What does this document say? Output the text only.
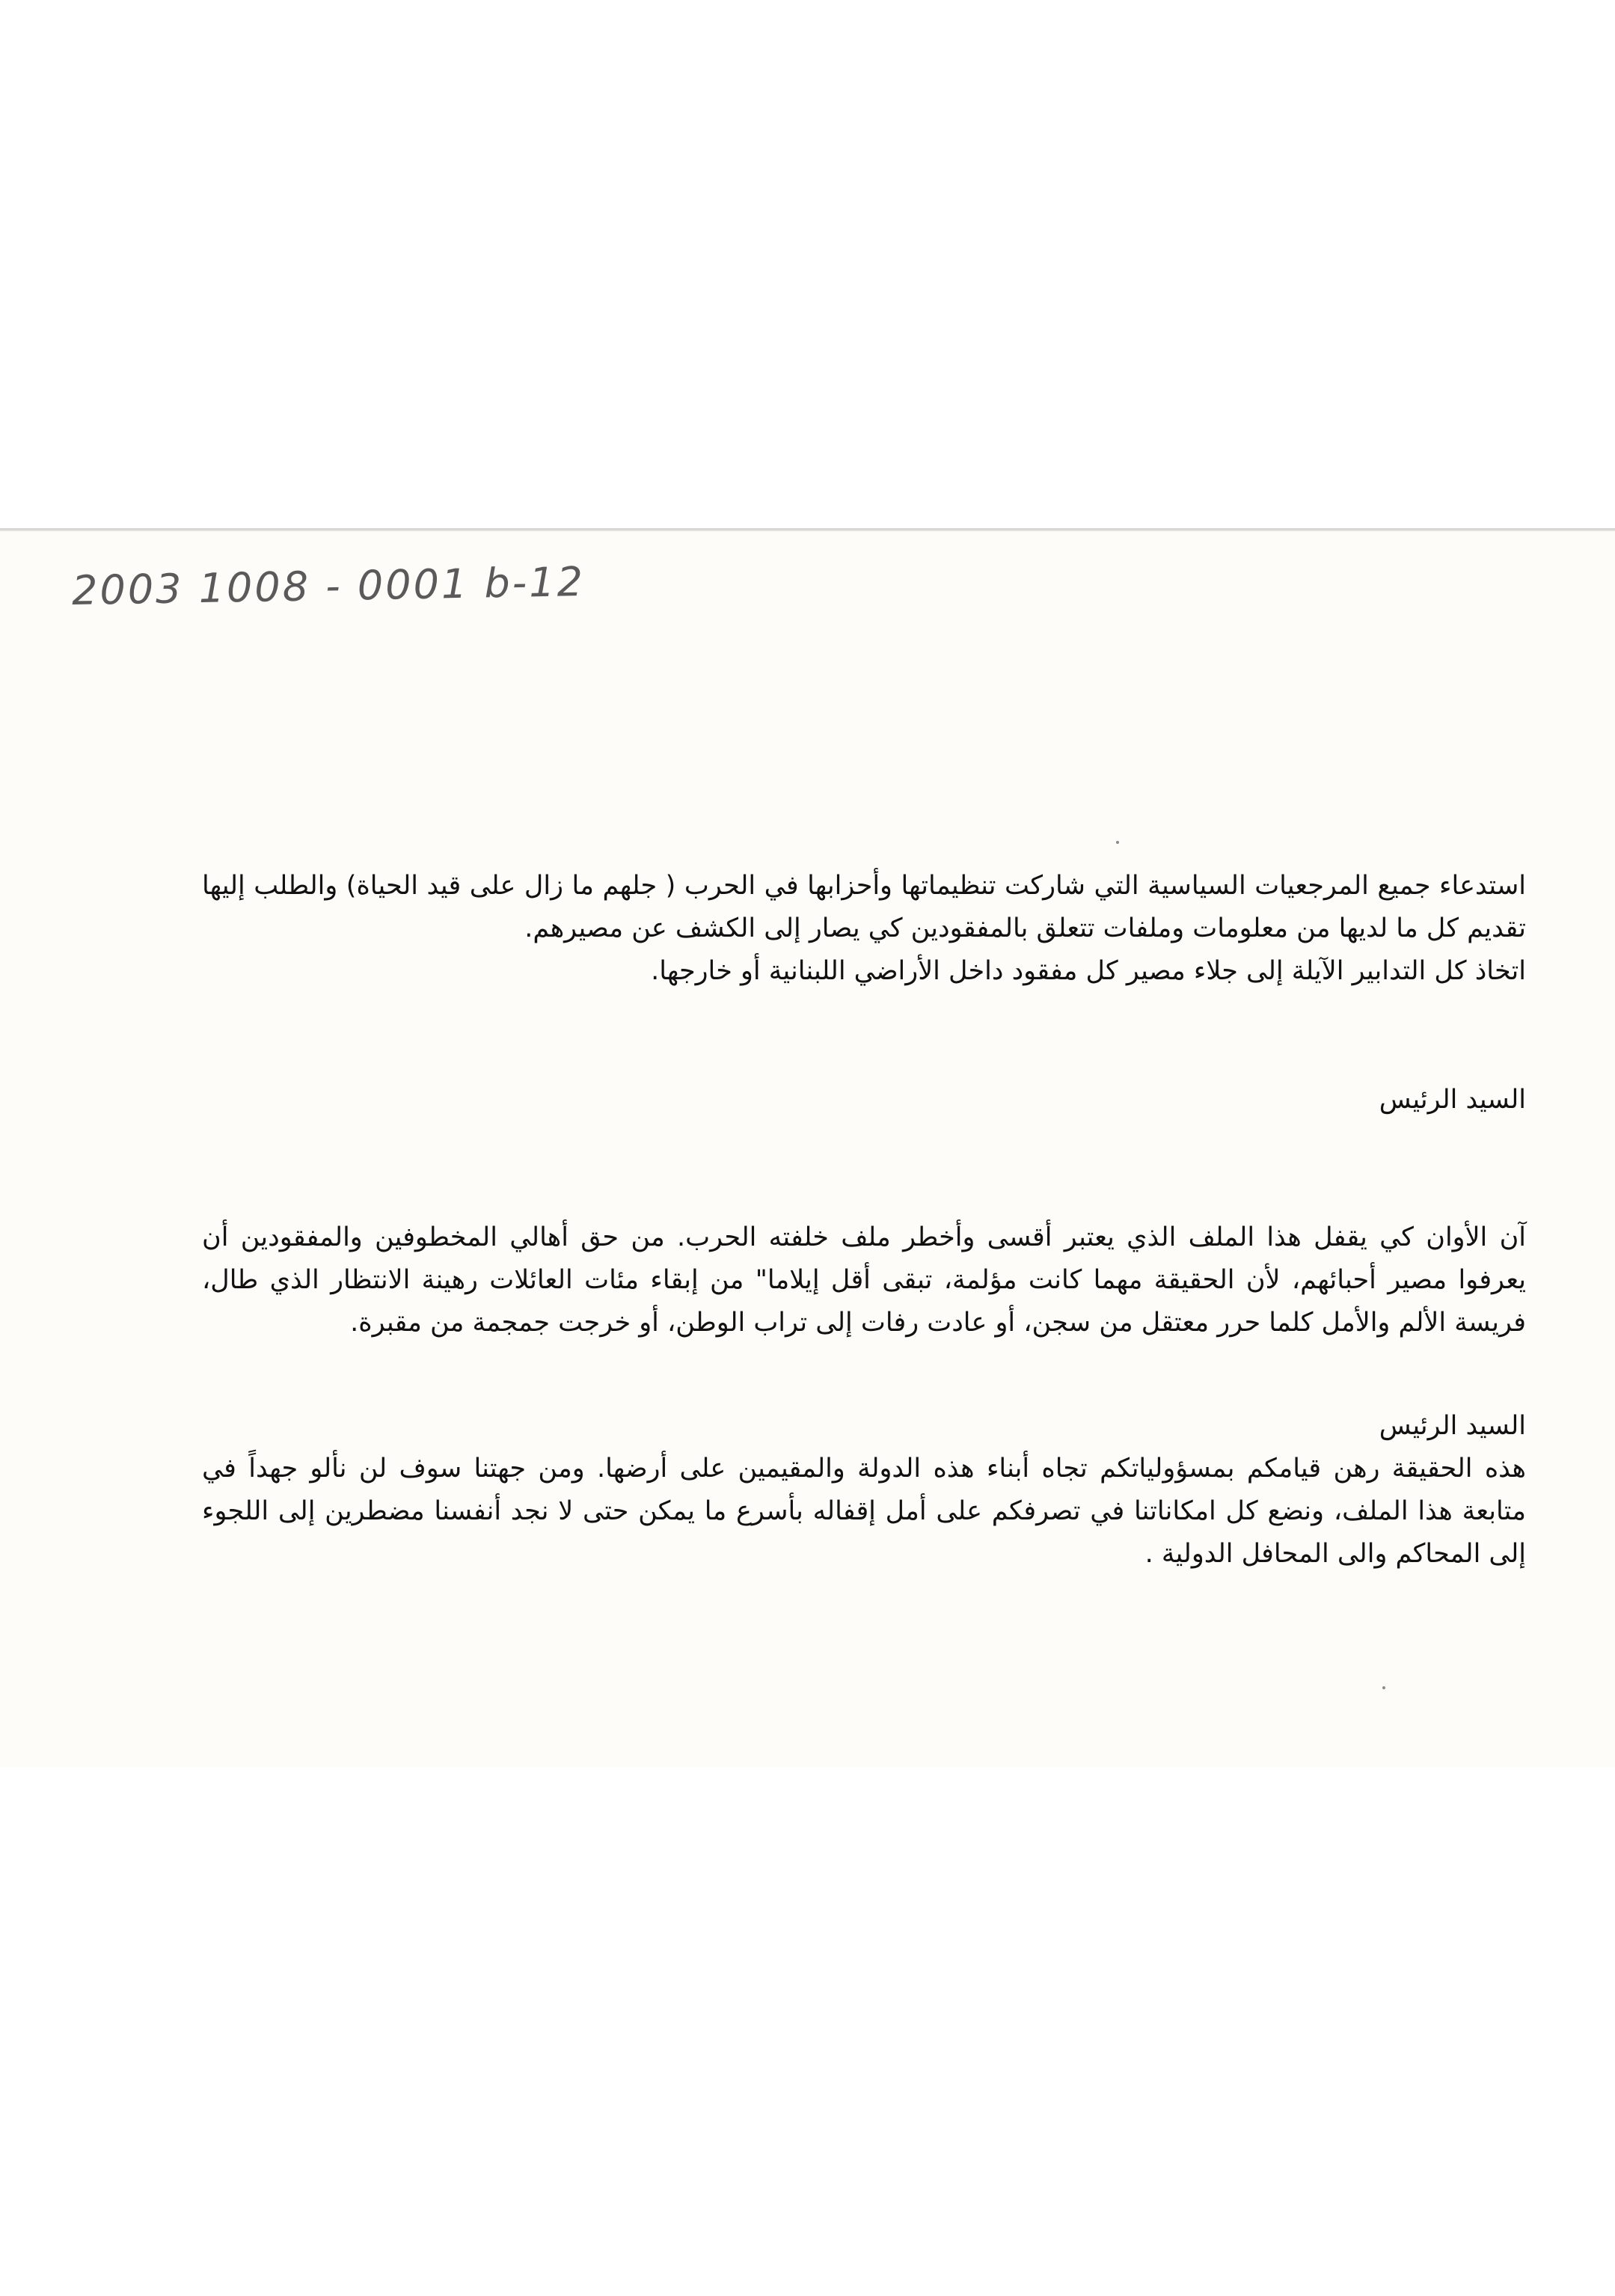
2003 1008 - 0001 b-12

استدعاء جميع المرجعيات السياسية التي شاركت تنظيماتها وأحزابها في الحرب ( جلهم ما زال على قيد الحياة) والطلب إليها تقديم كل ما لديها من معلومات وملفات تتعلق بالمفقودين كي يصار إلى الكشف عن مصيرهم.

اتخاذ كل التدابير الآيلة إلى جلاء مصير كل مفقود داخل الأراضي اللبنانية أو خارجها.

السيد الرئيس

آن الأوان كي يقفل هذا الملف الذي يعتبر أقسى وأخطر ملف خلفته الحرب. من حق أهالي المخطوفين والمفقودين أن يعرفوا مصير أحبائهم، لأن الحقيقة مهما كانت مؤلمة، تبقى أقل إيلاما" من إبقاء مئات العائلات رهينة الانتظار الذي طال، فريسة الألم والأمل كلما حرر معتقل من سجن، أو عادت رفات إلى تراب الوطن، أو خرجت جمجمة من مقبرة.

السيد الرئيس

هذه الحقيقة رهن قيامكم بمسؤولياتكم تجاه أبناء هذه الدولة والمقيمين على أرضها. ومن جهتنا سوف لن نألو جهداً في متابعة هذا الملف، ونضع كل امكاناتنا في تصرفكم على أمل إقفاله بأسرع ما يمكن حتى لا نجد أنفسنا مضطرين إلى اللجوء إلى المحاكم والى المحافل الدولية .
